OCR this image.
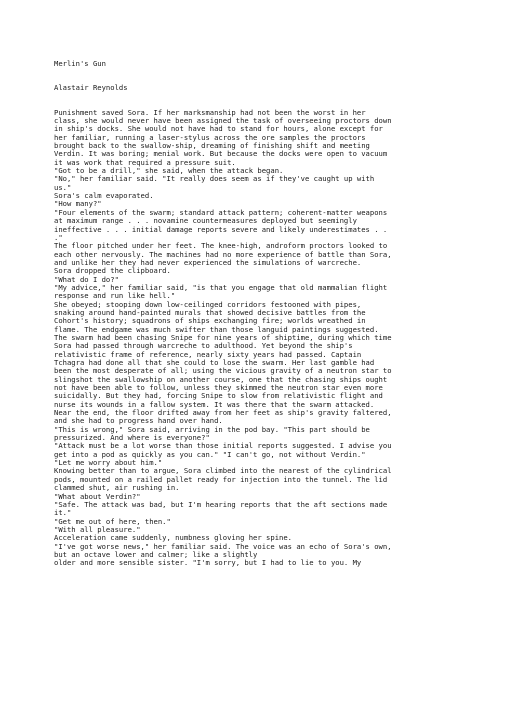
Merlin's Gun
Alastair Reynolds
Punishment saved Sora. If her marksmanship had not been the worst in her
class, she would never have been assigned the task of overseeing proctors down
in ship's docks. She would not have had to stand for hours, alone except for
her familiar, running a laser-stylus across the ore samples the proctors
brought back to the swallow-ship, dreaming of finishing shift and meeting
Verdin. It was boring; menial work. But because the docks were open to vacuum
it was work that required a pressure suit.
"Got to be a drill," she said, when the attack began.
"No," her familiar said. "It really does seem as if they've caught up with
us."
Sora's calm evaporated.
"How many?"
"Four elements of the swarm; standard attack pattern; coherent-matter weapons
at maximum range . . . novamine countermeasures deployed but seemingly
ineffective . . . initial damage reports severe and likely underestimates . .
."
The floor pitched under her feet. The knee-high, androform proctors looked to
each other nervously. The machines had no more experience of battle than Sora,
and unlike her they had never experienced the simulations of warcreche.
Sora dropped the clipboard.
"What do I do?"
"My advice," her familiar said, "is that you engage that old mammalian flight
response and run like hell."
She obeyed; stooping down low-ceilinged corridors festooned with pipes,
snaking around hand-painted murals that showed decisive battles from the
Cohort's history; squadrons of ships exchanging fire; worlds wreathed in
flame. The endgame was much swifter than those languid paintings suggested.
The swarm had been chasing Snipe for nine years of shiptime, during which time
Sora had passed through warcreche to adulthood. Yet beyond the ship's
relativistic frame of reference, nearly sixty years had passed. Captain
Tchagra had done all that she could to lose the swarm. Her last gamble had
been the most desperate of all; using the vicious gravity of a neutron star to
slingshot the swallowship on another course, one that the chasing ships ought
not have been able to follow, unless they skimmed the neutron star even more
suicidally. But they had, forcing Snipe to slow from relativistic flight and
nurse its wounds in a fallow system. It was there that the swarm attacked.
Near the end, the floor drifted away from her feet as ship's gravity faltered,
and she had to progress hand over hand.
"This is wrong," Sora said, arriving in the pod bay. "This part should be
pressurized. And where is everyone?"
"Attack must be a lot worse than those initial reports suggested. I advise you
get into a pod as quickly as you can." "I can't go, not without Verdin."
"Let me worry about him."
Knowing better than to argue, Sora climbed into the nearest of the cylindrical
pods, mounted on a railed pallet ready for injection into the tunnel. The lid
clammed shut, air rushing in.
"What about Verdin?"
"Safe. The attack was bad, but I'm hearing reports that the aft sections made
it."
"Get me out of here, then."
"With all pleasure."
Acceleration came suddenly, numbness gloving her spine.
"I've got worse news," her familiar said. The voice was an echo of Sora's own,
but an octave lower and calmer; like a slightly
older and more sensible sister. "I'm sorry, but I had to lie to you. My
